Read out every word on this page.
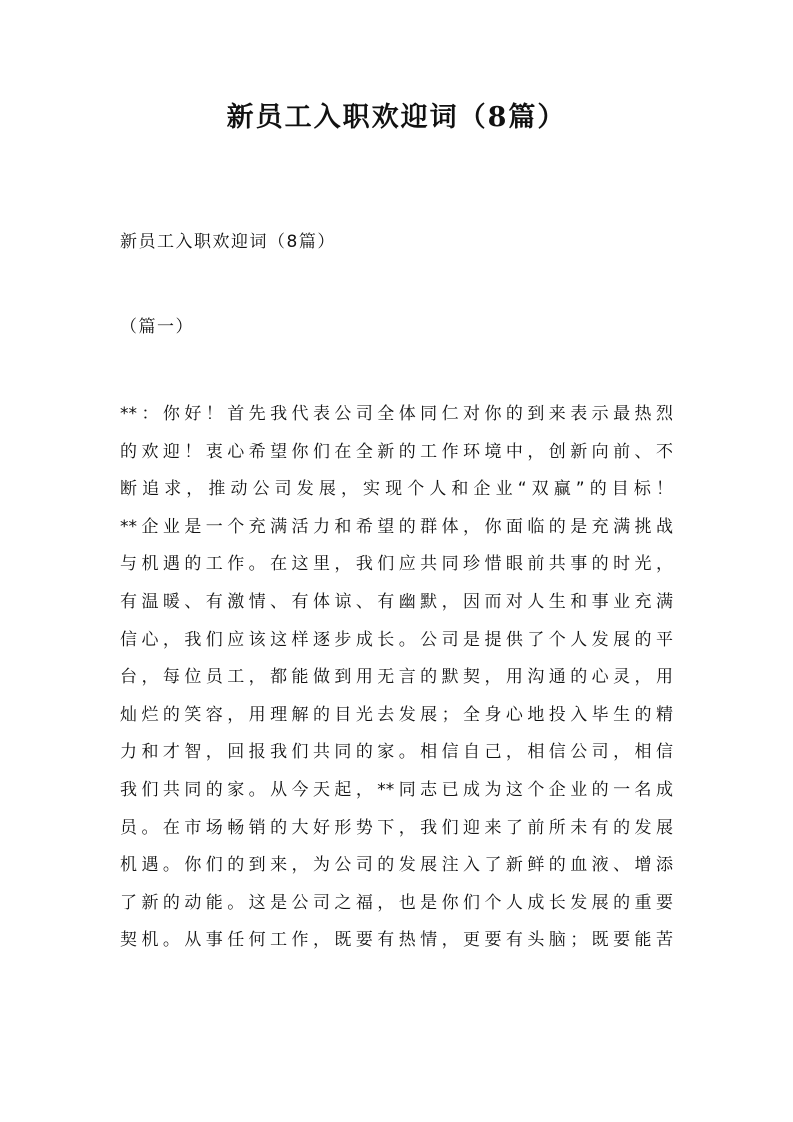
新员工入职欢迎词（8篇）

新员工入职欢迎词（8篇）

（篇一）

**：你好！首先我代表公司全体同仁对你的到来表示最热烈
的欢迎！衷心希望你们在全新的工作环境中，创新向前、不
断追求，推动公司发展，实现个人和企业“双赢”的目标！
**企业是一个充满活力和希望的群体，你面临的是充满挑战
与机遇的工作。在这里，我们应共同珍惜眼前共事的时光，
有温暖、有激情、有体谅、有幽默，因而对人生和事业充满
信心，我们应该这样逐步成长。公司是提供了个人发展的平
台，每位员工，都能做到用无言的默契，用沟通的心灵，用
灿烂的笑容，用理解的目光去发展；全身心地投入毕生的精
力和才智，回报我们共同的家。相信自己，相信公司，相信
我们共同的家。从今天起，**同志已成为这个企业的一名成
员。在市场畅销的大好形势下，我们迎来了前所未有的发展
机遇。你们的到来，为公司的发展注入了新鲜的血液、增添
了新的动能。这是公司之福，也是你们个人成长发展的重要
契机。从事任何工作，既要有热情，更要有头脑；既要能苦
